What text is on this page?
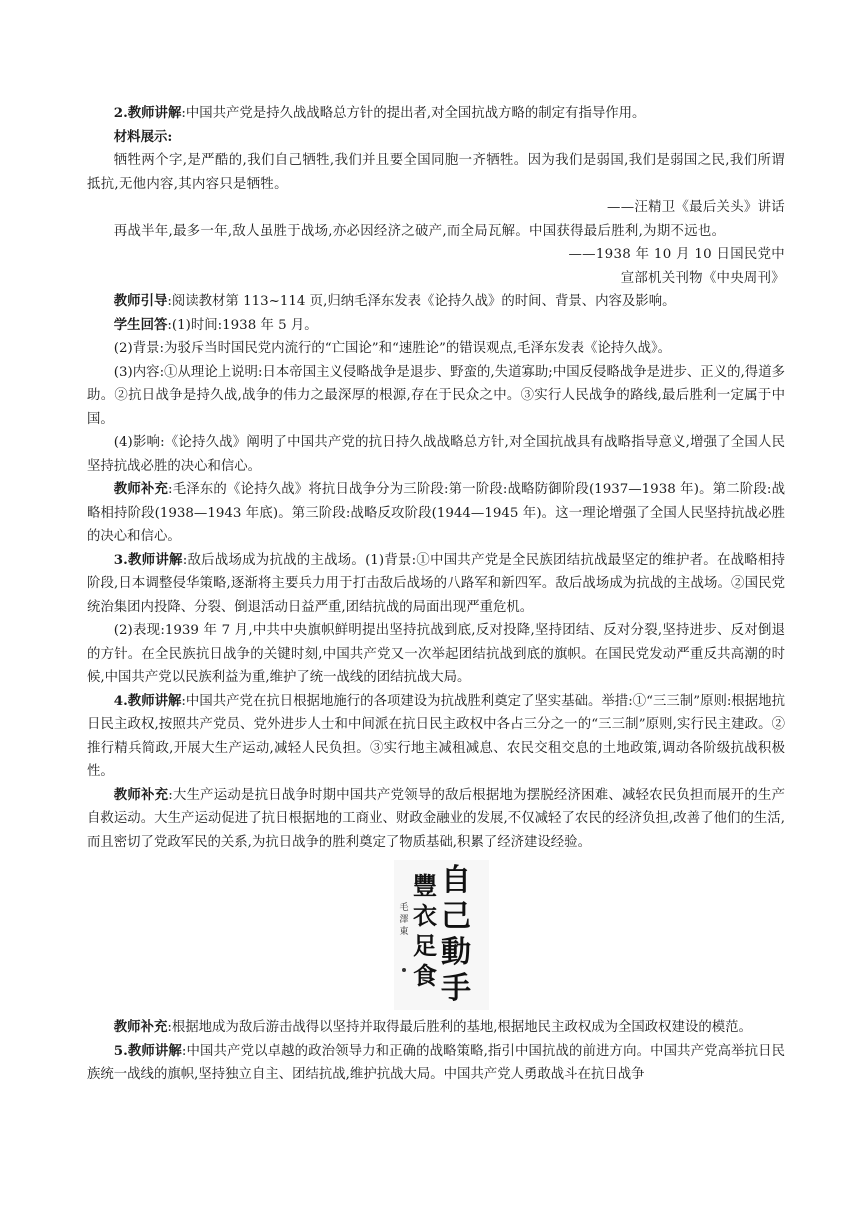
2.教师讲解:中国共产党是持久战战略总方针的提出者,对全国抗战方略的制定有指导作用。

材料展示:

牺牲两个字,是严酷的,我们自己牺牲,我们并且要全国同胞一齐牺牲。因为我们是弱国,我们是弱国之民,我们所谓抵抗,无他内容,其内容只是牺牲。

——汪精卫《最后关头》讲话

再战半年,最多一年,敌人虽胜于战场,亦必因经济之破产,而全局瓦解。中国获得最后胜利,为期不远也。

——1938 年 10 月 10 日国民党中

宣部机关刊物《中央周刊》

教师引导:阅读教材第 113~114 页,归纳毛泽东发表《论持久战》的时间、背景、内容及影响。

学生回答:(1)时间:1938 年 5 月。

(2)背景:为驳斥当时国民党内流行的“亡国论”和“速胜论”的错误观点,毛泽东发表《论持久战》。

(3)内容:①从理论上说明:日本帝国主义侵略战争是退步、野蛮的,失道寡助;中国反侵略战争是进步、正义的,得道多助。②抗日战争是持久战,战争的伟力之最深厚的根源,存在于民众之中。③实行人民战争的路线,最后胜利一定属于中国。

(4)影响:《论持久战》阐明了中国共产党的抗日持久战战略总方针,对全国抗战具有战略指导意义,增强了全国人民坚持抗战必胜的决心和信心。

教师补充:毛泽东的《论持久战》将抗日战争分为三阶段:第一阶段:战略防御阶段(1937—1938 年)。第二阶段:战略相持阶段(1938—1943 年底)。第三阶段:战略反攻阶段(1944—1945 年)。这一理论增强了全国人民坚持抗战必胜的决心和信心。

3.教师讲解:敌后战场成为抗战的主战场。(1)背景:①中国共产党是全民族团结抗战最坚定的维护者。在战略相持阶段,日本调整侵华策略,逐渐将主要兵力用于打击敌后战场的八路军和新四军。敌后战场成为抗战的主战场。②国民党统治集团内投降、分裂、倒退活动日益严重,团结抗战的局面出现严重危机。

(2)表现:1939 年 7 月,中共中央旗帜鲜明提出坚持抗战到底,反对投降,坚持团结、反对分裂,坚持进步、反对倒退的方针。在全民族抗日战争的关键时刻,中国共产党又一次举起团结抗战到底的旗帜。在国民党发动严重反共高潮的时候,中国共产党以民族利益为重,维护了统一战线的团结抗战大局。

4.教师讲解:中国共产党在抗日根据地施行的各项建设为抗战胜利奠定了坚实基础。举措:①“三三制”原则:根据地抗日民主政权,按照共产党员、党外进步人士和中间派在抗日民主政权中各占三分之一的“三三制”原则,实行民主建政。②推行精兵简政,开展大生产运动,减轻人民负担。③实行地主减租减息、农民交租交息的土地政策,调动各阶级抗战积极性。

教师补充:大生产运动是抗日战争时期中国共产党领导的敌后根据地为摆脱经济困难、减轻农民负担而展开的生产自救运动。大生产运动促进了抗日根据地的工商业、财政金融业的发展,不仅减轻了农民的经济负担,改善了他们的生活,而且密切了党政军民的关系,为抗日战争的胜利奠定了物质基础,积累了经济建设经验。

自
己
動
手
豐
衣
足
食
毛
澤
東

教师补充:根据地成为敌后游击战得以坚持并取得最后胜利的基地,根据地民主政权成为全国政权建设的模范。

5.教师讲解:中国共产党以卓越的政治领导力和正确的战略策略,指引中国抗战的前进方向。中国共产党高举抗日民族统一战线的旗帜,坚持独立自主、团结抗战,维护抗战大局。中国共产党人勇敢战斗在抗日战争
